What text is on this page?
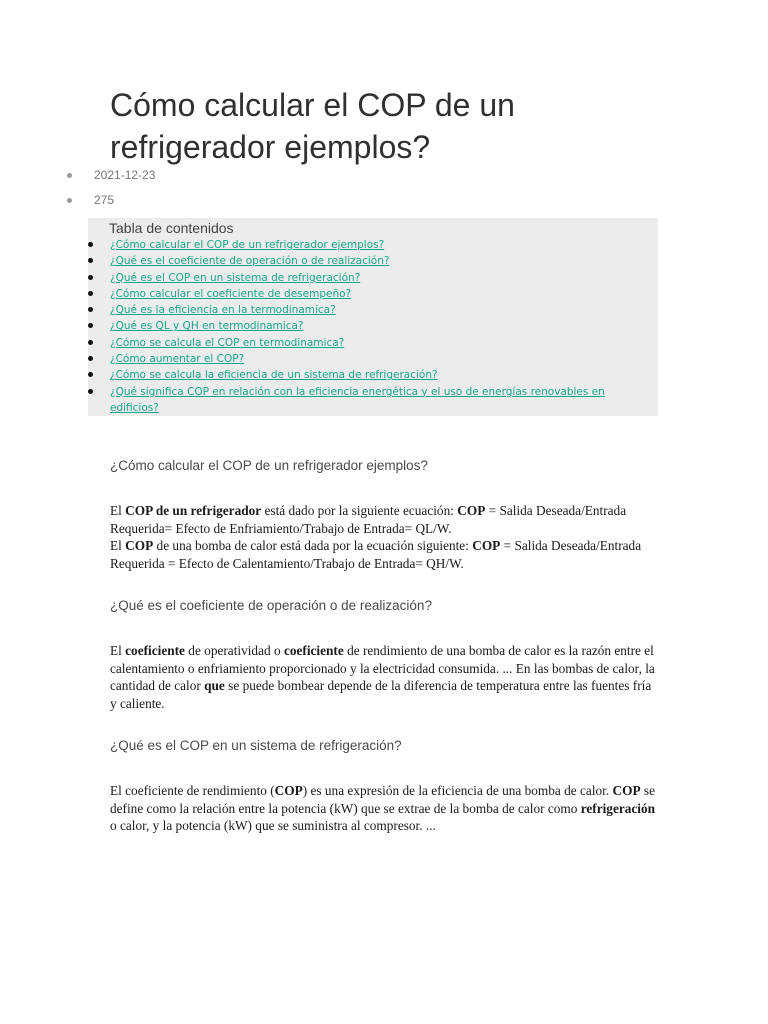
Cómo calcular el COP de un refrigerador ejemplos?
2021-12-23
275

Tabla de contenidos

¿Cómo calcular el COP de un refrigerador ejemplos?
¿Qué es el coeficiente de operación o de realización?
¿Qué es el COP en un sistema de refrigeración?
¿Cómo calcular el coeficiente de desempeño?
¿Qué es la eficiencia en la termodinamica?
¿Qué es QL y QH en termodinamica?
¿Cómo se calcula el COP en termodinamica?
¿Cómo aumentar el COP?
¿Cómo se calcula la eficiencia de un sistema de refrigeración?
¿Qué significa COP en relación con la eficiencia energética y el uso de energías renovables en edificios?
¿Cómo calcular el COP de un refrigerador ejemplos?

El COP de un refrigerador está dado por la siguiente ecuación: COP = Salida Deseada/Entrada Requerida= Efecto de Enfriamiento/Trabajo de Entrada= QL/W.
El COP de una bomba de calor está dada por la ecuación siguiente: COP = Salida Deseada/Entrada Requerida = Efecto de Calentamiento/Trabajo de Entrada= QH/W.

¿Qué es el coeficiente de operación o de realización?

El coeficiente de operatividad o coeficiente de rendimiento de una bomba de calor es la razón entre el calentamiento o enfriamiento proporcionado y la electricidad consumida. ... En las bombas de calor, la cantidad de calor que se puede bombear depende de la diferencia de temperatura entre las fuentes fría y caliente.

¿Qué es el COP en un sistema de refrigeración?

El coeficiente de rendimiento (COP) es una expresión de la eficiencia de una bomba de calor. COP se define como la relación entre la potencia (kW) que se extrae de la bomba de calor como refrigeración o calor, y la potencia (kW) que se suministra al compresor. ...
